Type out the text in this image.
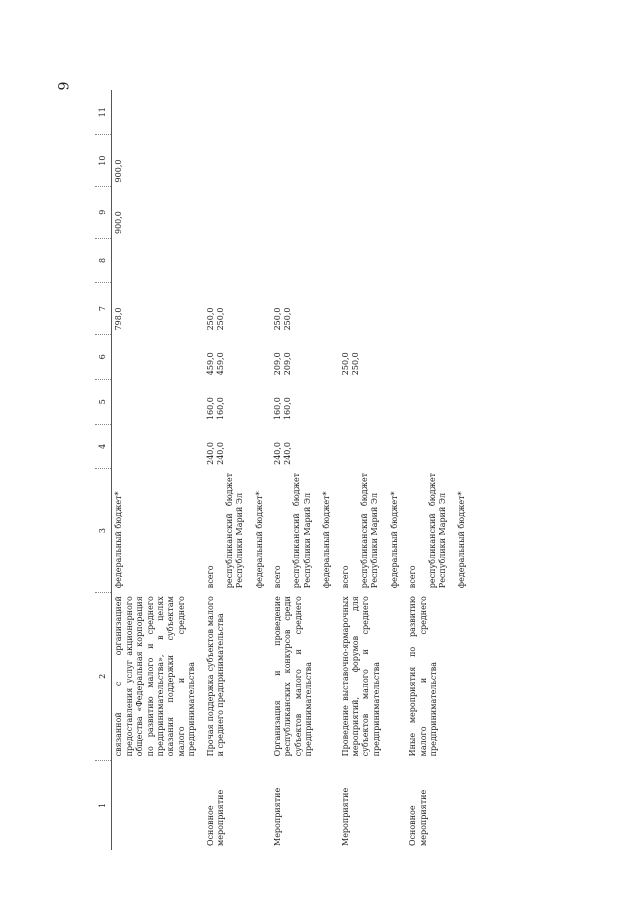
9
1	2	3	4	5	6	7	8	9	10	11
	связанной с организацией предоставления услуг акционерного общества «Федеральная корпорация по развитию малого и среднего предпринимательства», в целях оказания поддержки субъектам малого и среднего предпринимательства	федеральный бюджет*				798,0		900,0	900,0	

Основное мероприятие	Прочая поддержка субъектов малого и среднего предпринимательства	всего республиканский бюджет Республики Марий Эл федеральный бюджет*	240,0 240,0	160,0 160,0	459,0 459,0	250,0 250,0				

Мероприятие	Организация и проведение республиканских конкурсов среди субъектов малого и среднего предпринимательства	всего республиканский бюджет Республики Марий Эл федеральный бюджет*	240,0 240,0	160,0 160,0	209,0 209,0	250,0 250,0				

Мероприятие	Проведение выставочно-ярмарочных мероприятий, форумов для субъектов малого и среднего предпринимательства	всего республиканский бюджет Республики Марий Эл федеральный бюджет*			250,0 250,0					

Основное мероприятие	Иные мероприятия по развитию малого и среднего предпринимательства	всего республиканский бюджет Республики Марий Эл федеральный бюджет*								
